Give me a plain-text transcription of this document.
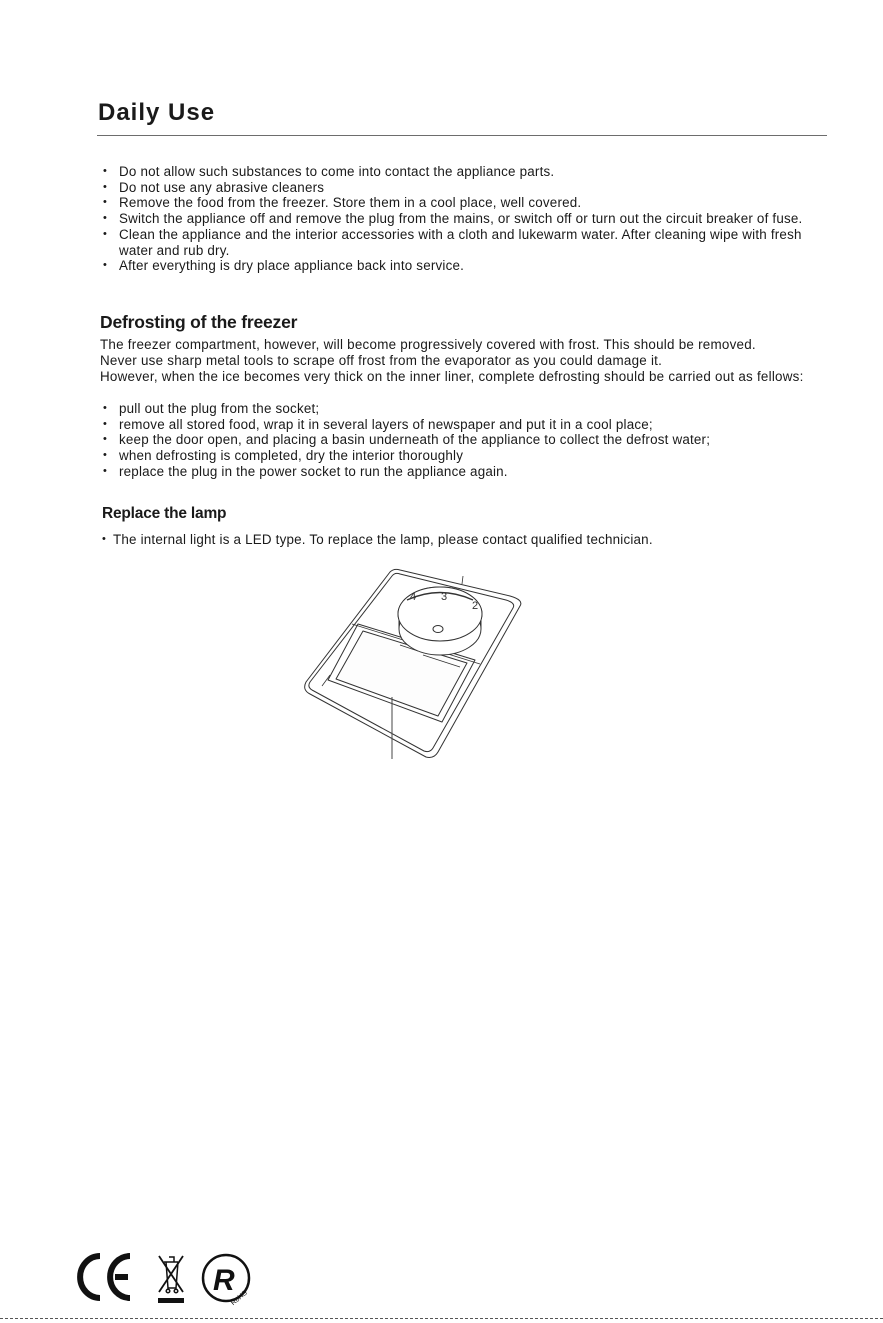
Daily Use
• Do not allow such substances to come into contact the appliance parts.
• Do not use any abrasive cleaners
• Remove the food from the freezer. Store them in a cool place, well covered.
• Switch the appliance off and remove the plug from the mains, or switch off or turn out the circuit breaker of fuse.
• Clean the appliance and the interior accessories with a cloth and lukewarm water. After cleaning wipe with fresh water and rub dry.
• After everything is dry place appliance back into service.
Defrosting of the freezer

The freezer compartment, however, will become progressively covered with frost. This should be removed.

Never use sharp metal tools to scrape off frost from the evaporator as you could damage it.

However, when the ice becomes very thick on the inner liner, complete defrosting should be carried out as fellows:

• pull out the plug from the socket;
• remove all stored food, wrap it in several layers of newspaper and put it in a cool place;
• keep the door open, and placing a basin underneath of the appliance to collect the defrost water;
• when defrosting is completed, dry the interior thoroughly
• replace the plug in the power socket to run the appliance again.
Replace the lamp
• The internal light is a LED type. To replace the lamp, please contact qualified technician.
4 3
2
R
RoHS
CE
